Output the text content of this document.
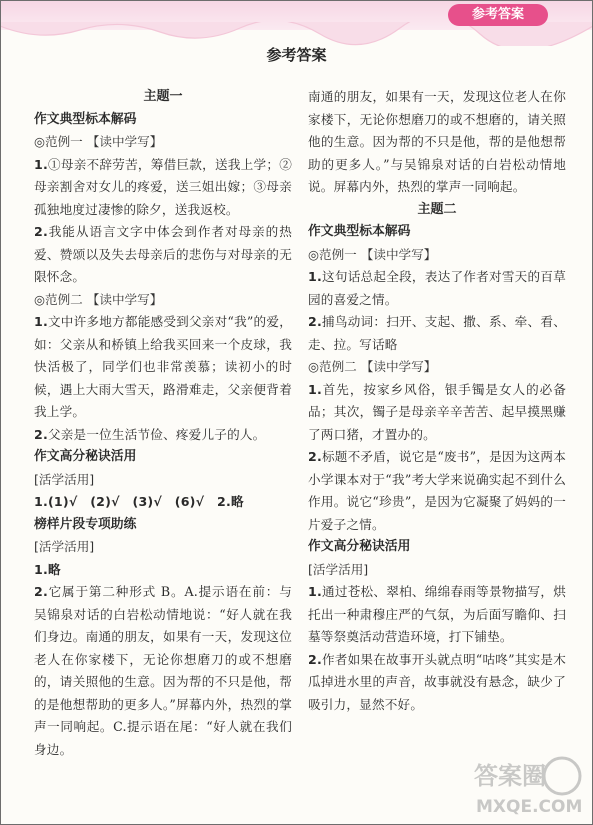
参考答案
参考答案
主题一
作文典型标本解码
◎范例一 【读中学写】

1.①母亲不辞劳苦，筹借巨款，送我上学；②母亲割舍对女儿的疼爱，送三姐出嫁；③母亲孤独地度过凄惨的除夕，送我返校。

2.我能从语言文字中体会到作者对母亲的热爱、赞颂以及失去母亲后的悲伤与对母亲的无限怀念。

◎范例二 【读中学写】

1.文中许多地方都能感受到父亲对“我”的爱，如：父亲从和桥镇上给我买回来一个皮球，我快活极了，同学们也非常羡慕；读初小的时候，遇上大雨大雪天，路滑难走，父亲便背着我上学。

2.父亲是一位生活节俭、疼爱儿子的人。

作文高分秘诀活用
[活学活用]

1.(1)√　(2)√　(3)√　(6)√　2.略

榜样片段专项助练
[活学活用]

1.略

2.它属于第二种形式 B。A.提示语在前：与吴锦泉对话的白岩松动情地说：“好人就在我们身边。南通的朋友，如果有一天，发现这位老人在你家楼下，无论你想磨刀的或不想磨的，请关照他的生意。因为帮的不只是他，帮的是他想帮助的更多人。”屏幕内外，热烈的掌声一同响起。C.提示语在尾：“好人就在我们身边。

南通的朋友，如果有一天，发现这位老人在你家楼下，无论你想磨刀的或不想磨的，请关照他的生意。因为帮的不只是他，帮的是他想帮助的更多人。”与吴锦泉对话的白岩松动情地说。屏幕内外，热烈的掌声一同响起。

主题二
作文典型标本解码
◎范例一 【读中学写】

1.这句话总起全段，表达了作者对雪天的百草园的喜爱之情。

2.捕鸟动词：扫开、支起、撒、系、牵、看、走、拉。写话略

◎范例二 【读中学写】

1.首先，按家乡风俗，银手镯是女人的必备品；其次，镯子是母亲辛辛苦苦、起早摸黑赚了两口猪，才置办的。

2.标题不矛盾，说它是“废书”，是因为这两本小学课本对于“我”考大学来说确实起不到什么作用。说它“珍贵”，是因为它凝聚了妈妈的一片爱子之情。

作文高分秘诀活用
[活学活用]

1.通过苍松、翠柏、绵绵春雨等景物描写，烘托出一种肃穆庄严的气氛，为后面写瞻仰、扫墓等祭奠活动营造环境，打下铺垫。

2.作者如果在故事开头就点明“咕咚”其实是木瓜掉进水里的声音，故事就没有悬念，缺少了吸引力，显然不好。

答案圈
MXQE.COM
